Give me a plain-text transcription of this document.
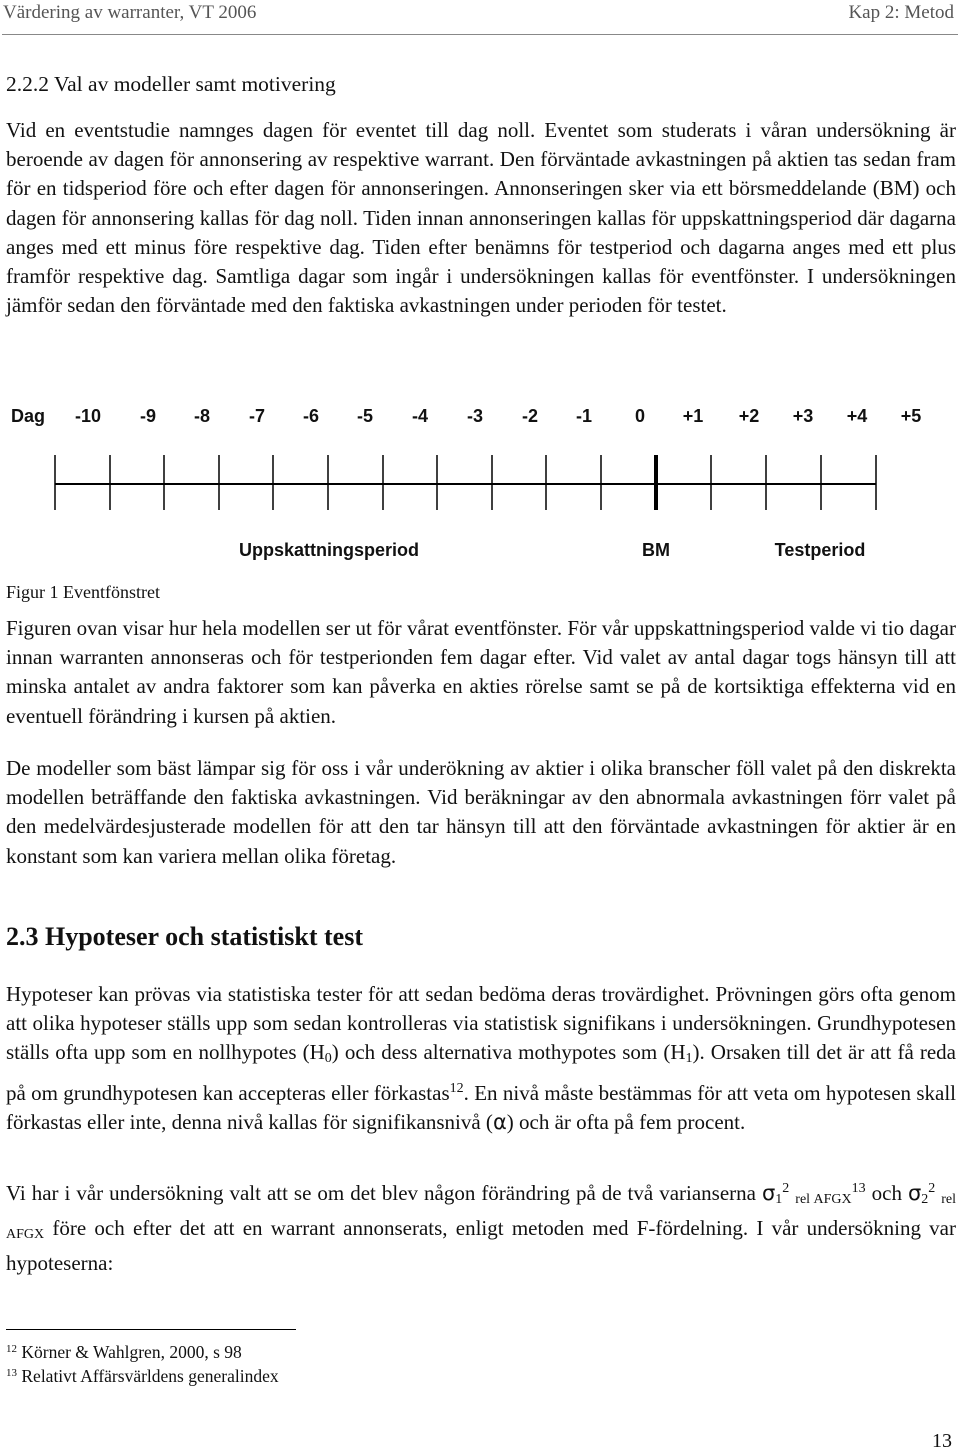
Värdering av warranter, VT 2006	Kap 2: Metod
2.2.2 Val av modeller samt motivering

Vid en eventstudie namnges dagen för eventet till dag noll. Eventet som studerats i våran undersökning är beroende av dagen för annonsering av respektive warrant. Den förväntade avkastningen på aktien tas sedan fram för en tidsperiod före och efter dagen för annonseringen. Annonseringen sker via ett börsmeddelande (BM) och dagen för annonsering kallas för dag noll. Tiden innan annonseringen kallas för uppskattningsperiod där dagarna anges med ett minus före respektive dag. Tiden efter benämns för testperiod och dagarna anges med ett plus framför respektive dag. Samtliga dagar som ingår i undersökningen kallas för eventfönster. I undersökningen jämför sedan den förväntade med den faktiska avkastningen under perioden för testet.

Dag -10 -9 -8 -7 -6 -5 -4 -3 -2 -1 0 +1 +2 +3 +4 +5
Uppskattningsperiod	BM	Testperiod
Figur 1 Eventfönstret

Figuren ovan visar hur hela modellen ser ut för vårat eventfönster. För vår uppskattningsperiod valde vi tio dagar innan warranten annonseras och för testperionden fem dagar efter. Vid valet av antal dagar togs hänsyn till att minska antalet av andra faktorer som kan påverka en akties rörelse samt se på de kortsiktiga effekterna vid en eventuell förändring i kursen på aktien.

De modeller som bäst lämpar sig för oss i vår underökning av aktier i olika branscher föll valet på den diskrekta modellen beträffande den faktiska avkastningen. Vid beräkningar av den abnormala avkastningen förr valet på den medelvärdesjusterade modellen för att den tar hänsyn till att den förväntade avkastningen för aktier är en konstant som kan variera mellan olika företag.

2.3 Hypoteser och statistiskt test

Hypoteser kan prövas via statistiska tester för att sedan bedöma deras trovärdighet. Prövningen görs ofta genom att olika hypoteser ställs upp som sedan kontrolleras via statistisk signifikans i undersökningen. Grundhypotesen ställs ofta upp som en nollhypotes $(H_0)$ och dess alternativa mothypotes som $(H_1)$. Orsaken till det är att få reda på om grundhypotesen kan accepteras eller förkastas$^{12}$. En nivå måste bestämmas för att veta om hypotesen skall förkastas eller inte, denna nivå kallas för signifikansnivå (α) och är ofta på fem procent.

Vi har i vår undersökning valt att se om det blev någon förändring på de två varianserna $\sigma_1^2$ $_{rel AFGX}^{13}$ och $\sigma_2^2$ $_{rel AFGX}$ före och efter det att en warrant annonserats, enligt metoden med F-fördelning. I vår undersökning var hypoteserna:

$^{12}$ Körner & Wahlgren, 2000, s 98
$^{13}$ Relativt Affärsvärldens generalindex
13
